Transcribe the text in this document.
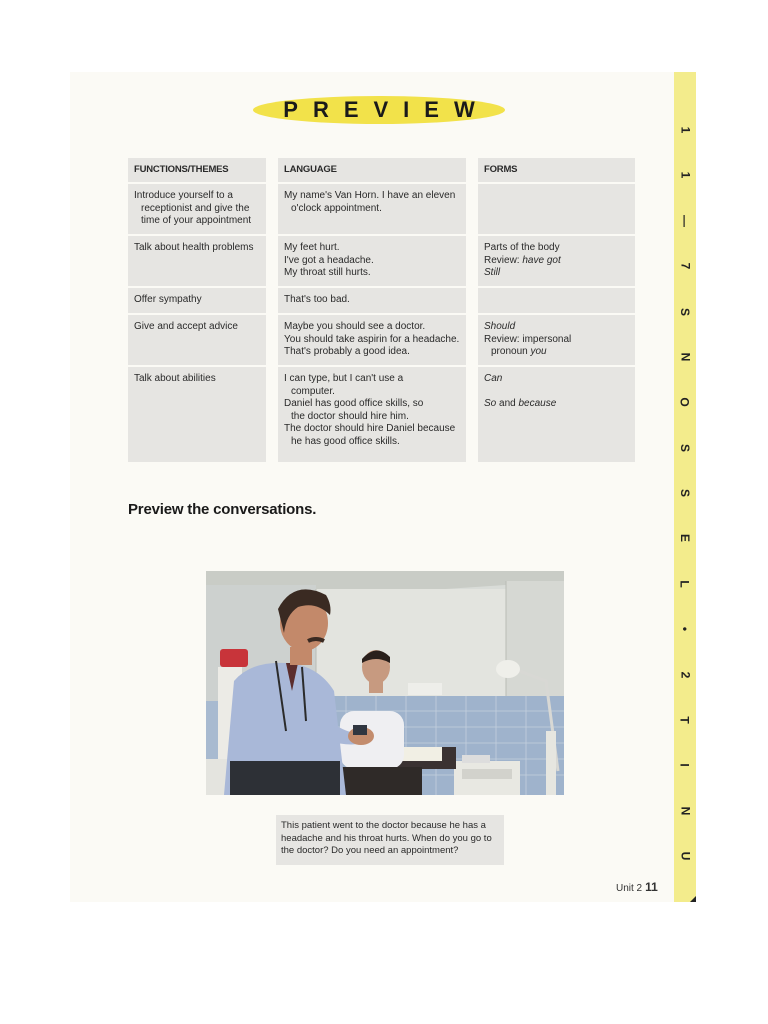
1
1
—
7
S
N
O
S
S
E
L
•
2
T
I
N
U
PREVIEW
FUNCTIONS/THEMES
Introduce yourself to a
receptionist and give the
time of your appointment
Talk about health problems
Offer sympathy
Give and accept advice
Talk about abilities
LANGUAGE
My name's Van Horn. I have an eleven
o'clock appointment.
My feet hurt.
I've got a headache.
My throat still hurts.
That's too bad.
Maybe you should see a doctor.
You should take aspirin for a headache.
That's probably a good idea.
I can type, but I can't use a
computer.
Daniel has good office skills, so
the doctor should hire him.
The doctor should hire Daniel because
he has good office skills.
FORMS
Parts of the body
Review: have got
Still
Should
Review: impersonal
pronoun you
Can
So and because
Preview the conversations.
This patient went to the doctor because he has a headache and his throat hurts. When do you go to the doctor? Do you need an appointment?
Unit 2 11
